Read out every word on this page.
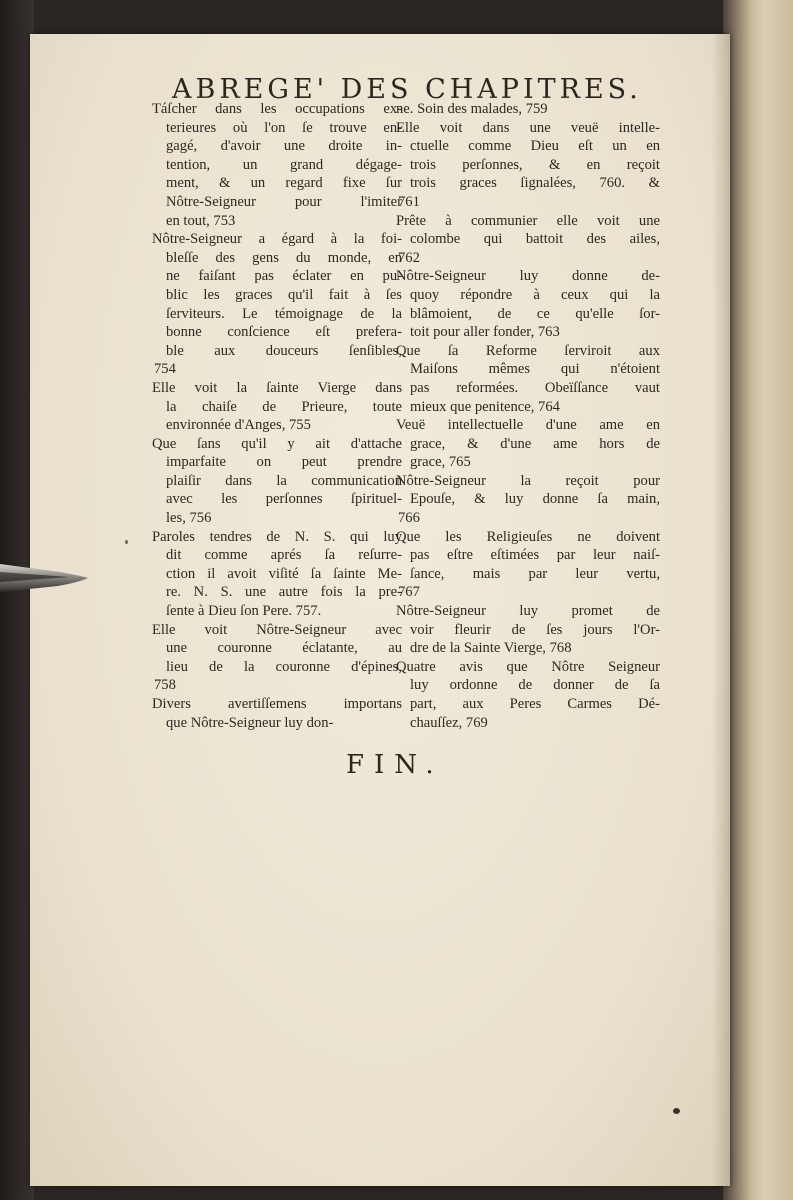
ABREGE' DES CHAPITRES.
Táſcher dans les occupations ex-
terieures où l'on ſe trouve en-
gagé, d'avoir une droite in-
tention, un grand dégage-
ment, & un regard fixe ſur
Nôtre-Seigneur pour l'imiter
en tout, 753
Nôtre-Seigneur a égard à la foi-
bleſſe des gens du monde, en
ne faiſant pas éclater en pu-
blic les graces qu'il fait à ſes
ſerviteurs. Le témoignage de la
bonne conſcience eſt prefera-
ble aux douceurs ſenſibles,
754
Elle voit la ſainte Vierge dans
la chaiſe de Prieure, toute
environnée d'Anges, 755
Que ſans qu'il y ait d'attache
imparfaite on peut prendre
plaiſir dans la communication
avec les perſonnes ſpirituel-
les, 756
Paroles tendres de N. S. qui luy
dit comme aprés ſa reſurre-
ction il avoit viſité ſa ſainte Me-
re. N. S. une autre fois la pre-
ſente à Dieu ſon Pere. 757.
Elle voit Nôtre-Seigneur avec
une couronne éclatante, au
lieu de la couronne d'épines,
758
Divers avertiſſemens importans
que Nôtre-Seigneur luy don-
ne. Soin des malades, 759
Elle voit dans une veuë intelle-
ctuelle comme Dieu eſt un en
trois perſonnes, & en reçoit
trois graces ſignalées, 760. &
761
Prête à communier elle voit une
colombe qui battoit des ailes,
762
Nôtre-Seigneur luy donne de-
quoy répondre à ceux qui la
blâmoient, de ce qu'elle ſor-
toit pour aller fonder, 763
Que ſa Reforme ſerviroit aux
Maiſons mêmes qui n'étoient
pas reformées. Obeïſſance vaut
mieux que penitence, 764
Veuë intellectuelle d'une ame en
grace, & d'une ame hors de
grace, 765
Nôtre-Seigneur la reçoit pour
Epouſe, & luy donne ſa main,
766
Que les Religieuſes ne doivent
pas eſtre eſtimées par leur naiſ-
ſance, mais par leur vertu,
767
Nôtre-Seigneur luy promet de
voir fleurir de ſes jours l'Or-
dre de la Sainte Vierge, 768
Quatre avis que Nôtre Seigneur
luy ordonne de donner de ſa
part, aux Peres Carmes Dé-
chauſſez, 769
FIN.
